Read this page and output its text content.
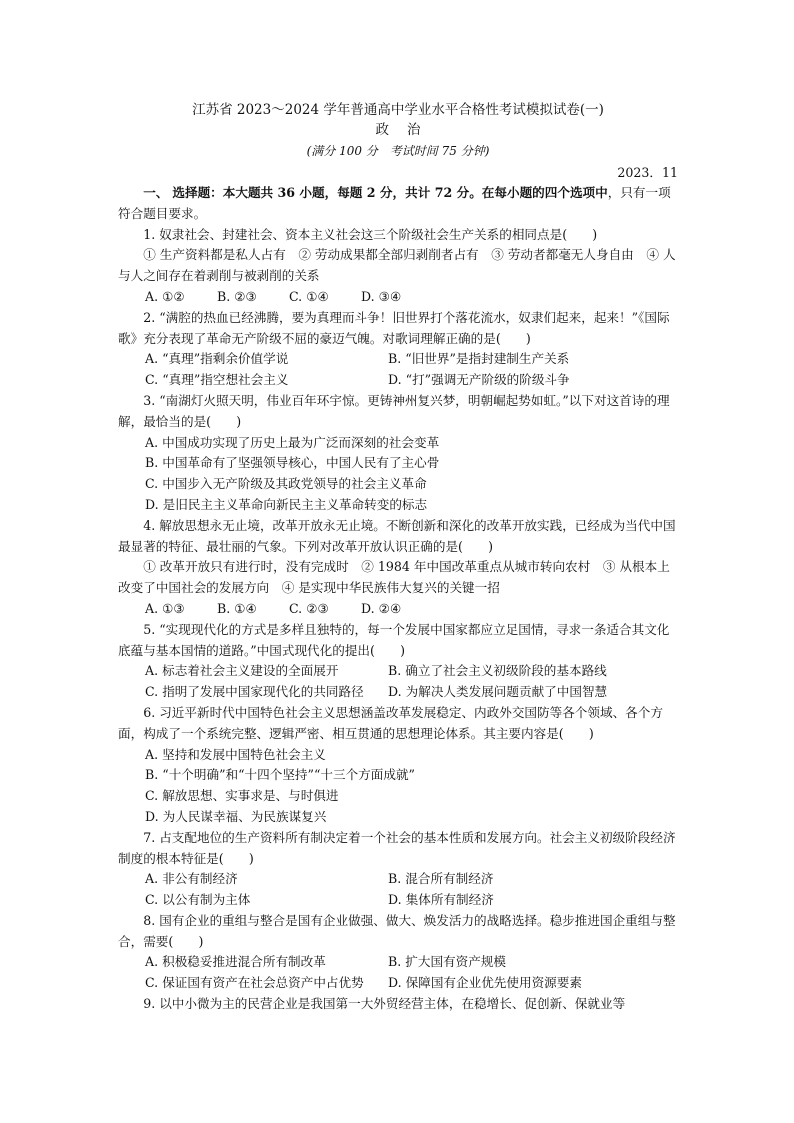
江苏省 2023～2024 学年普通高中学业水平合格性考试模拟试卷(一)
政治
(满分 100 分　考试时间 75 分钟)
2023．11
一、 选择题：本大题共 36 小题，每题 2 分，共计 72 分。在每小题的四个选项中，只有一项符合题目要求。
1. 奴隶社会、封建社会、资本主义社会这三个阶级社会生产关系的相同点是(　　)
① 生产资料都是私人占有　② 劳动成果都全部归剥削者占有　③ 劳动者都毫无人身自由　④ 人与人之间存在着剥削与被剥削的关系
A. ①②	B. ②③	C. ①④	D. ③④
2. “满腔的热血已经沸腾，要为真理而斗争！旧世界打个落花流水，奴隶们起来，起来！”《国际歌》充分表现了革命无产阶级不屈的豪迈气魄。对歌词理解正确的是(　　)
A. “真理”指剩余价值学说	B. “旧世界”是指封建制生产关系
C. “真理”指空想社会主义	D. “打”强调无产阶级的阶级斗争
3. “南湖灯火照天明，伟业百年环宇惊。更铸神州复兴梦，明朝崛起势如虹。”以下对这首诗的理解，最恰当的是(　　)
A. 中国成功实现了历史上最为广泛而深刻的社会变革
B. 中国革命有了坚强领导核心，中国人民有了主心骨
C. 中国步入无产阶级及其政党领导的社会主义革命
D. 是旧民主主义革命向新民主主义革命转变的标志
4. 解放思想永无止境，改革开放永无止境。不断创新和深化的改革开放实践，已经成为当代中国最显著的特征、最壮丽的气象。下列对改革开放认识正确的是(　　)
① 改革开放只有进行时，没有完成时　② 1984 年中国改革重点从城市转向农村　③ 从根本上改变了中国社会的发展方向　④ 是实现中华民族伟大复兴的关键一招
A. ①③	B. ①④	C. ②③	D. ②④
5. “实现现代化的方式是多样且独特的，每一个发展中国家都应立足国情，寻求一条适合其文化底蕴与基本国情的道路。”中国式现代化的提出(　　)
A. 标志着社会主义建设的全面展开	B. 确立了社会主义初级阶段的基本路线
C. 指明了发展中国家现代化的共同路径 D. 为解决人类发展问题贡献了中国智慧
6. 习近平新时代中国特色社会主义思想涵盖改革发展稳定、内政外交国防等各个领域、各个方面，构成了一个系统完整、逻辑严密、相互贯通的思想理论体系。其主要内容是(　　)
A. 坚持和发展中国特色社会主义
B. “十个明确”和“十四个坚持”“十三个方面成就”
C. 解放思想、实事求是、与时俱进
D. 为人民谋幸福、为民族谋复兴
7. 占支配地位的生产资料所有制决定着一个社会的基本性质和发展方向。社会主义初级阶段经济制度的根本特征是(　　)
A. 非公有制经济	B. 混合所有制经济
C. 以公有制为主体	D. 集体所有制经济
8. 国有企业的重组与整合是国有企业做强、做大、焕发活力的战略选择。稳步推进国企重组与整合，需要(　　)
A. 积极稳妥推进混合所有制改革	B. 扩大国有资产规模
C. 保证国有资产在社会总资产中占优势 D. 保障国有企业优先使用资源要素
9. 以中小微为主的民营企业是我国第一大外贸经营主体，在稳增长、促创新、保就业等
